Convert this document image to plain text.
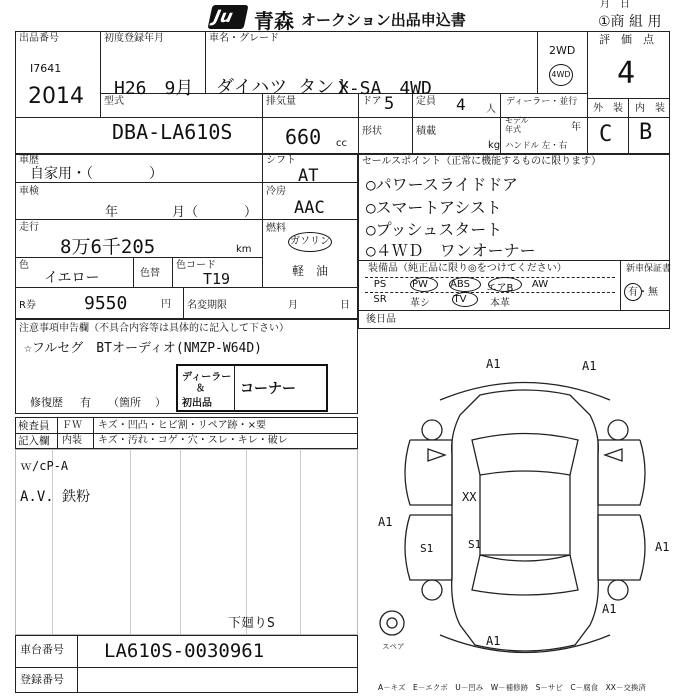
Ju 青森 オークション出品申込書
月　日
①商 組 用
出品番号
I7641
2014
初度登録年月
H26　9月
車名・グレード
ダイハツ タント
X-SA　4WD
2WD
4WD
評　価　点
4
型式
DBA-LA610S
排気量
660 cc
ドア 5 定員 4 人
ディーラー・並行
モデル年式	年
ハンドル 左・右
外　装 内　装
C B
形状	積載
kg
車歴
自家用・（　　　　）
シフト
AT
車検
年	月（	）
冷房
AAC
走行
8万6千205	km
燃料
ガソリン
軽　油
色
イエロー	色替
色コード
T19
R券	9550	円 名変期限	月	日
注意事項申告欄（不具合内容等は具体的に記入して下さい）
☆フルセグ　BTオーディオ(NMZP-W64D)
修復歴 有 （箇所 ）
ディーラー
＆
初出品
コーナー
セールスポイント（正常に機能するものに限ります）
○パワースライドドア
○スマートアシスト
○プッシュスタート
○４ＷＤ　ワンオーナー
装備品（純正品に限り◎をつけてください）	新車保証書
有・無
PS	PW	ABS	エアB	AW
SR	革シ	TV	本革
後日品
検査員
記入欄
ＦＷ キズ・凹凸・ヒビ割・リペア跡・×要
内装 キズ・汚れ・コゲ・穴・スレ・キレ・破レ
ｗ/cP-A
A.V. 鉄粉
下廻りS
車台番号 LA610S-0030961
登録番号
A1	A1
XX
A1
S1	S1	A1
A1
A1
スペア
A－キズ　E－エクボ　U－凹み　W－補修跡　S－サビ　C－腐食　XX－交換済
